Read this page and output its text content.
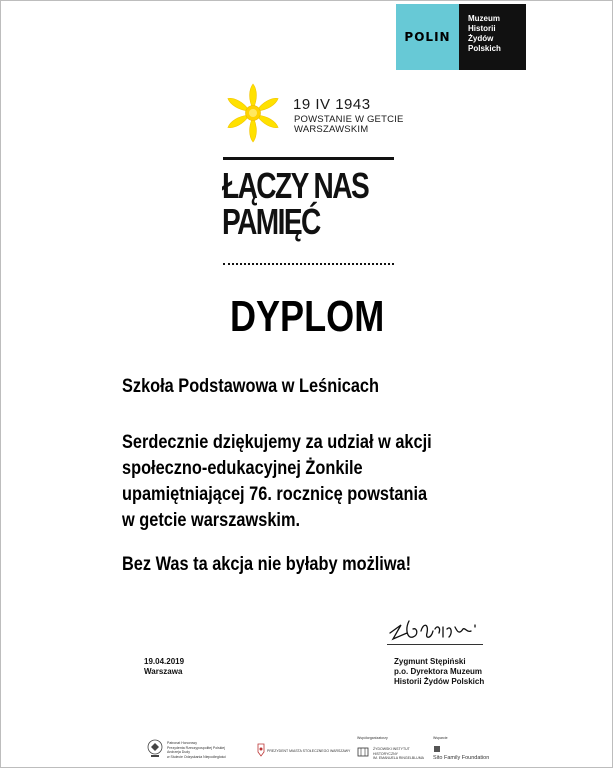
POLIN
Muzeum
Historii
Żydów
Polskich
19 IV 1943
POWSTANIE W GETCIE
WARSZAWSKIM
ŁĄCZY NAS
PAMIĘĆ
DYPLOM
Szkoła Podstawowa w Leśnicach
Serdecznie dziękujemy za udział w akcji
społeczno-edukacyjnej Żonkile
upamiętniającej 76. rocznicę powstania
w getcie warszawskim.
Bez Was ta akcja nie byłaby możliwa!
19.04.2019
Warszawa
Zygmunt Stępiński
p.o. Dyrektora Muzeum
Historii Żydów Polskich
Patronat Honorowy
Prezydenta Rzeczypospolitej Polskiej
Andrzeja Dudy
w Stulecie Odzyskania Niepodległości
PREZYDENT MIASTA STOŁECZNEGO WARSZAWY
Współorganizatorzy
ŻYDOWSKI INSTYTUT
HISTORYCZNY
IM. EMANUELA RINGELBLUMA
Wsparcie
Sito Family Foundation
